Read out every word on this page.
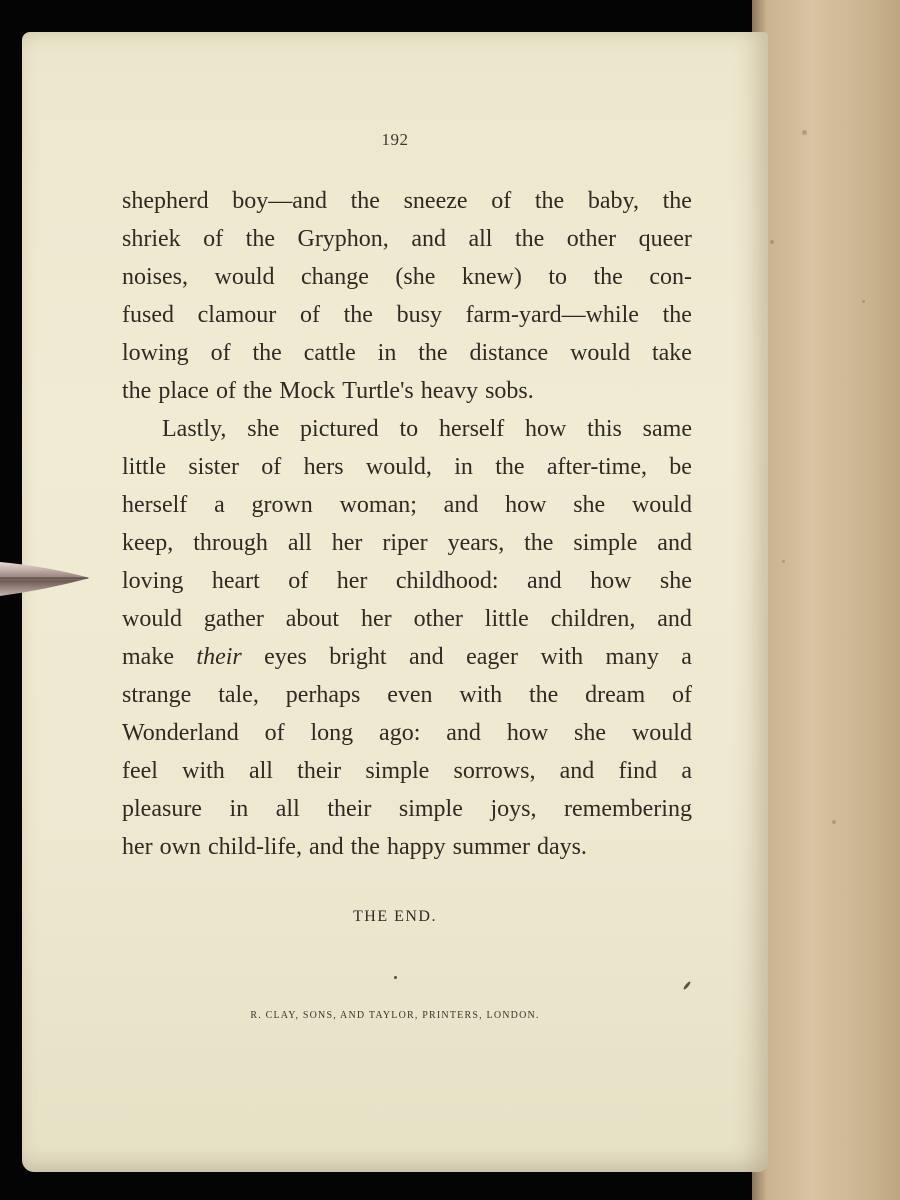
192
shepherd boy—and the sneeze of the baby, the
shriek of the Gryphon, and all the other queer
noises, would change (she knew) to the con-
fused clamour of the busy farm-yard—while the
lowing of the cattle in the distance would take
the place of the Mock Turtle's heavy sobs.
Lastly, she pictured to herself how this same
little sister of hers would, in the after-time, be
herself a grown woman; and how she would
keep, through all her riper years, the simple and
loving heart of her childhood: and how she
would gather about her other little children, and
make their eyes bright and eager with many a
strange tale, perhaps even with the dream of
Wonderland of long ago: and how she would
feel with all their simple sorrows, and find a
pleasure in all their simple joys, remembering
her own child-life, and the happy summer days.
THE END.
R. CLAY, SONS, AND TAYLOR, PRINTERS, LONDON.
